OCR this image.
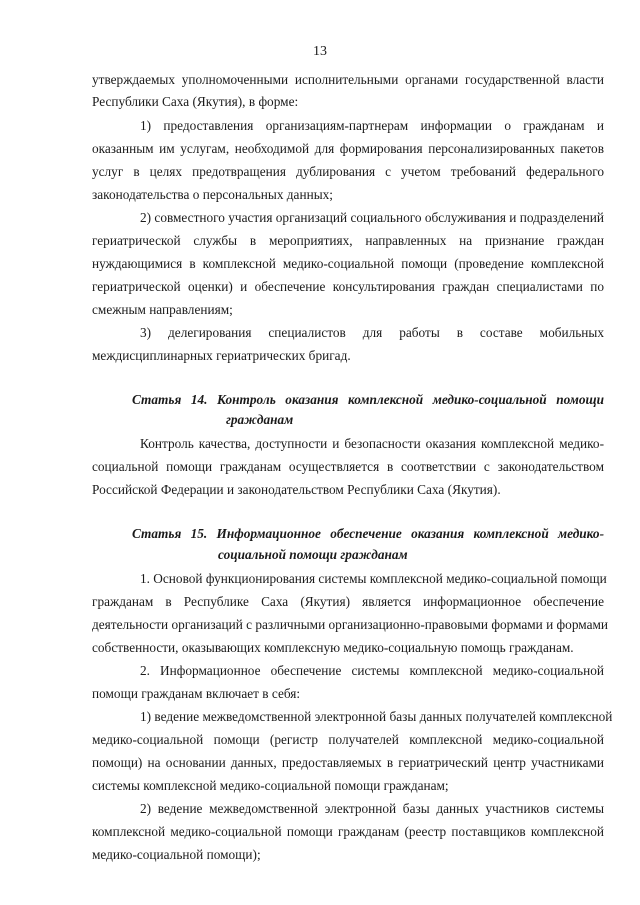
13

утверждаемых уполномоченными исполнительными органами государственной власти

Республики Саха (Якутия), в форме:

1) предоставления организациям-партнерам информации о гражданам и

оказанным им услугам, необходимой для формирования персонализированных пакетов

услуг в целях предотвращения дублирования с учетом требований федерального

законодательства о персональных данных;

2) совместного участия организаций социального обслуживания и подразделений

гериатрической службы в мероприятиях, направленных на признание граждан

нуждающимися в комплексной медико-социальной помощи (проведение комплексной

гериатрической оценки) и обеспечение консультирования граждан специалистами по

смежным направлениям;

3) делегирования специалистов для работы в составе мобильных

междисциплинарных гериатрических бригад.

Статья 14. Контроль оказания комплексной медико-социальной помощи

гражданам

Контроль качества, доступности и безопасности оказания комплексной медико-

социальной помощи гражданам осуществляется в соответствии с законодательством

Российской Федерации и законодательством Республики Саха (Якутия).

Статья 15. Информационное обеспечение оказания комплексной медико-

социальной помощи гражданам

1. Основой функционирования системы комплексной медико-социальной помощи

гражданам в Республике Саха (Якутия) является информационное обеспечение

деятельности организаций с различными организационно-правовыми формами и формами

собственности, оказывающих комплексную медико-социальную помощь гражданам.

2. Информационное обеспечение системы комплексной медико-социальной

помощи гражданам включает в себя:

1) ведение межведомственной электронной базы данных получателей комплексной

медико-социальной помощи (регистр получателей комплексной медико-социальной

помощи) на основании данных, предоставляемых в гериатрический центр участниками

системы комплексной медико-социальной помощи гражданам;

2) ведение межведомственной электронной базы данных участников системы

комплексной медико-социальной помощи гражданам (реестр поставщиков комплексной

медико-социальной помощи);
